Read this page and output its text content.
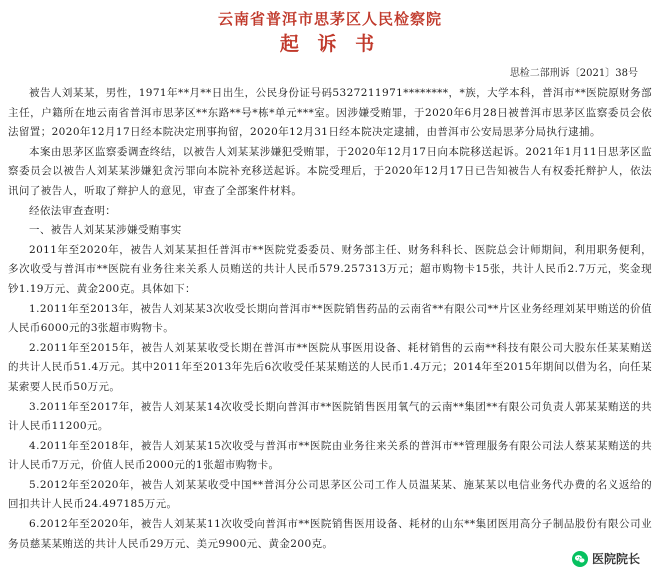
云南省普洱市思茅区人民检察院
起 诉 书
思检二部刑诉〔2021〕38号

被告人刘某某，男性，1971年**月**日出生，公民身份证号码5327211971********，*族，大学本科，普洱市**医院原财务部主任，户籍所在地云南省普洱市思茅区**东路**号*栋*单元***室。因涉嫌受贿罪，于2020年6月28日被普洱市思茅区监察委员会依法留置；2020年12月17日经本院决定刑事拘留，2020年12月31日经本院决定逮捕，由普洱市公安局思茅分局执行逮捕。

本案由思茅区监察委调查终结，以被告人刘某某涉嫌犯受贿罪，于2020年12月17日向本院移送起诉。2021年1月11日思茅区监察委员会以被告人刘某某涉嫌犯贪污罪向本院补充移送起诉。本院受理后，于2020年12月17日已告知被告人有权委托辩护人，依法讯问了被告人，听取了辩护人的意见，审查了全部案件材料。

经依法审查查明：

一、被告人刘某某涉嫌受贿事实

2011年至2020年，被告人刘某某担任普洱市**医院党委委员、财务部主任、财务科科长、医院总会计师期间，利用职务便利，多次收受与普洱市**医院有业务往来关系人员贿送的共计人民币579.257313万元；超市购物卡15张，共计人民币2.7万元，奖金现钞1.19万元、黄金200克。具体如下：

1.2011年至2013年，被告人刘某某3次收受长期向普洱市**医院销售药品的云南省**有限公司**片区业务经理刘某甲贿送的价值人民币6000元的3张超市购物卡。

2.2011年至2015年，被告人刘某某收受长期在普洱市**医院从事医用设备、耗材销售的云南**科技有限公司大股东任某某贿送的共计人民币51.4万元。其中2011年至2013年先后6次收受任某某贿送的人民币1.4万元；2014年至2015年期间以借为名，向任某某索要人民币50万元。

3.2011年至2017年，被告人刘某某14次收受长期向普洱市**医院销售医用氧气的云南**集团**有限公司负责人郭某某贿送的共计人民币11200元。

4.2011年至2018年，被告人刘某某15次收受与普洱市**医院由业务往来关系的普洱市**管理服务有限公司法人蔡某某贿送的共计人民币7万元，价值人民币2000元的1张超市购物卡。

5.2012年至2020年，被告人刘某某收受中国**普洱分公司思茅区公司工作人员温某某、施某某以电信业务代办费的名义返给的回扣共计人民币24.497185万元。

6.2012年至2020年，被告人刘某某11次收受向普洱市**医院销售医用设备、耗材的山东**集团医用高分子制品股份有限公司业务员慈某某贿送的共计人民币29万元、美元9900元、黄金200克。

医院院长
